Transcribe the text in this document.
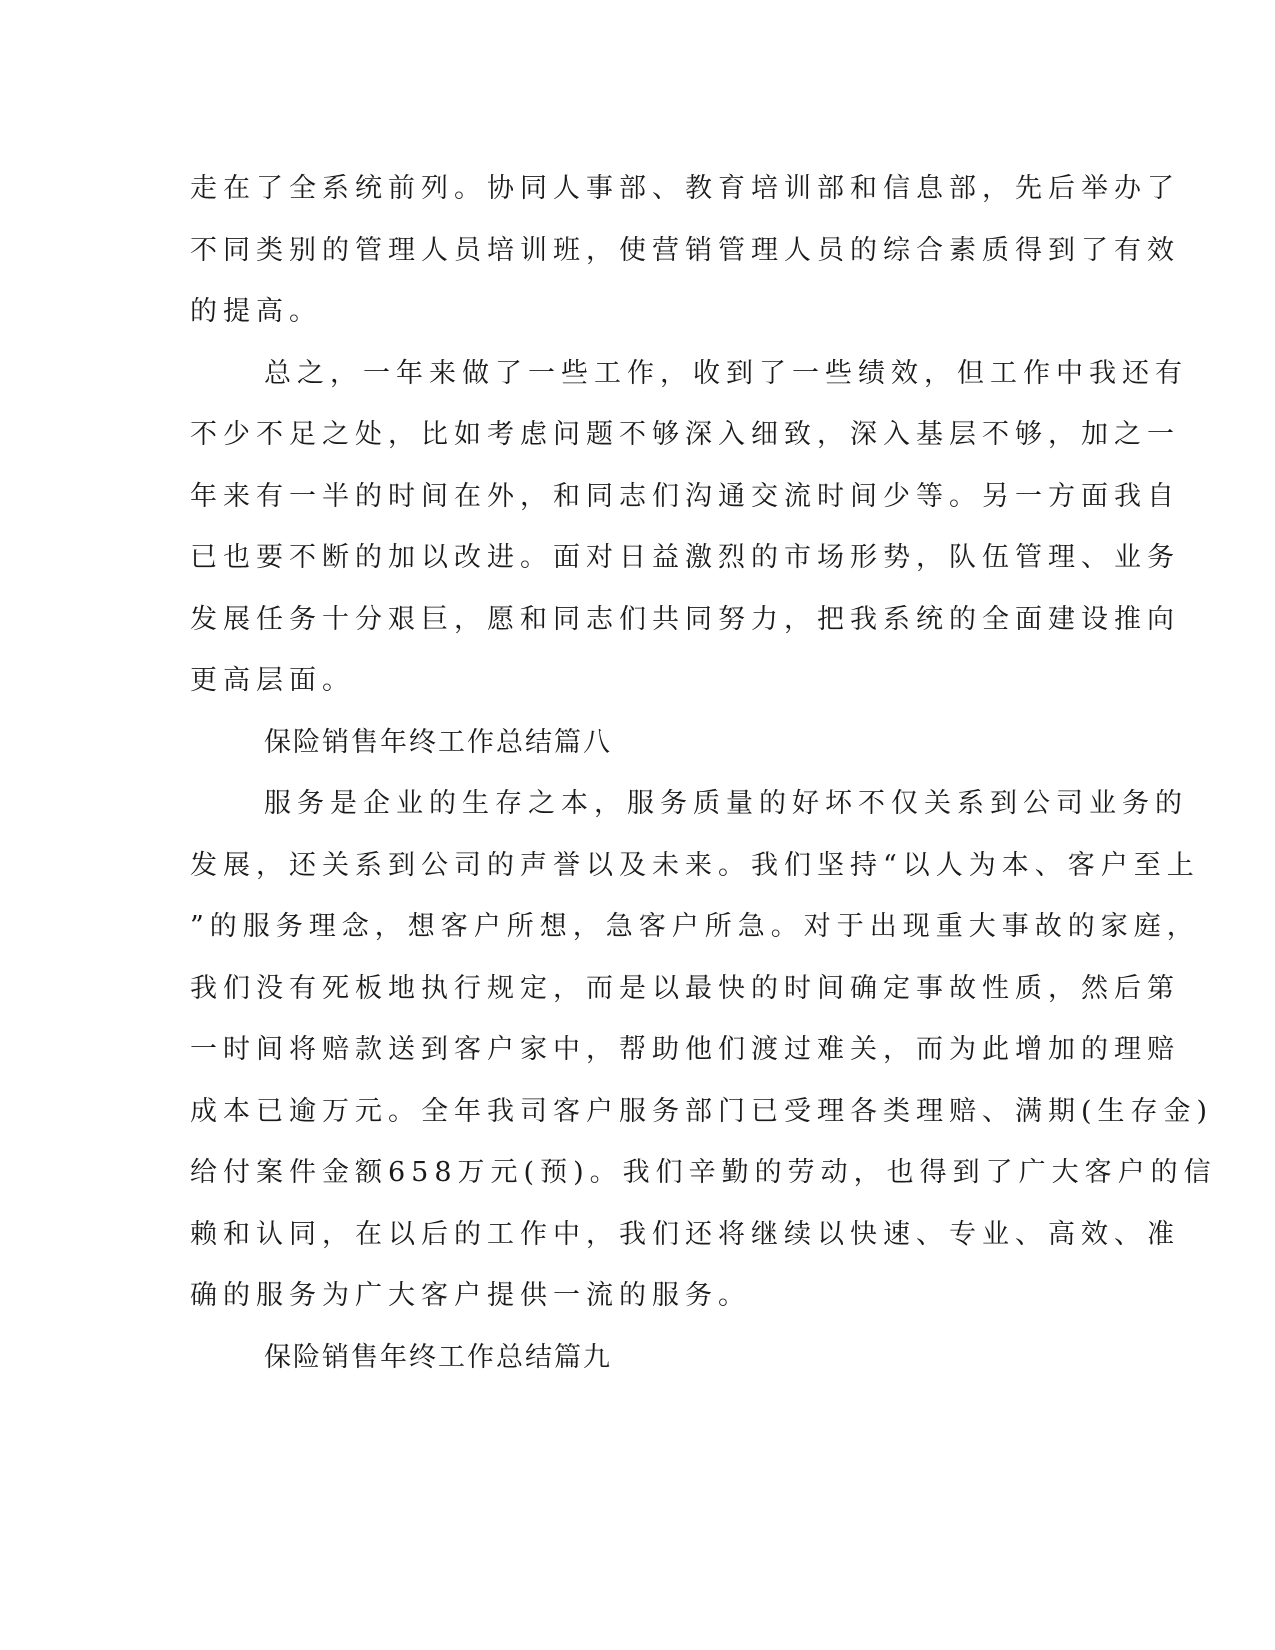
走在了全系统前列。协同人事部、教育培训部和信息部，先后举办了
不同类别的管理人员培训班，使营销管理人员的综合素质得到了有效
的提高。
总之，一年来做了一些工作，收到了一些绩效，但工作中我还有
不少不足之处，比如考虑问题不够深入细致，深入基层不够，加之一
年来有一半的时间在外，和同志们沟通交流时间少等。另一方面我自
已也要不断的加以改进。面对日益激烈的市场形势，队伍管理、业务
发展任务十分艰巨，愿和同志们共同努力，把我系统的全面建设推向
更高层面。
保险销售年终工作总结篇八
服务是企业的生存之本，服务质量的好坏不仅关系到公司业务的
发展，还关系到公司的声誉以及未来。我们坚持“以人为本、客户至上
”的服务理念，想客户所想，急客户所急。对于出现重大事故的家庭，
我们没有死板地执行规定，而是以最快的时间确定事故性质，然后第
一时间将赔款送到客户家中，帮助他们渡过难关，而为此增加的理赔
成本已逾万元。全年我司客户服务部门已受理各类理赔、满期(生存金)
给付案件金额658万元(预)。我们辛勤的劳动，也得到了广大客户的信
赖和认同，在以后的工作中，我们还将继续以快速、专业、高效、准
确的服务为广大客户提供一流的服务。
保险销售年终工作总结篇九
